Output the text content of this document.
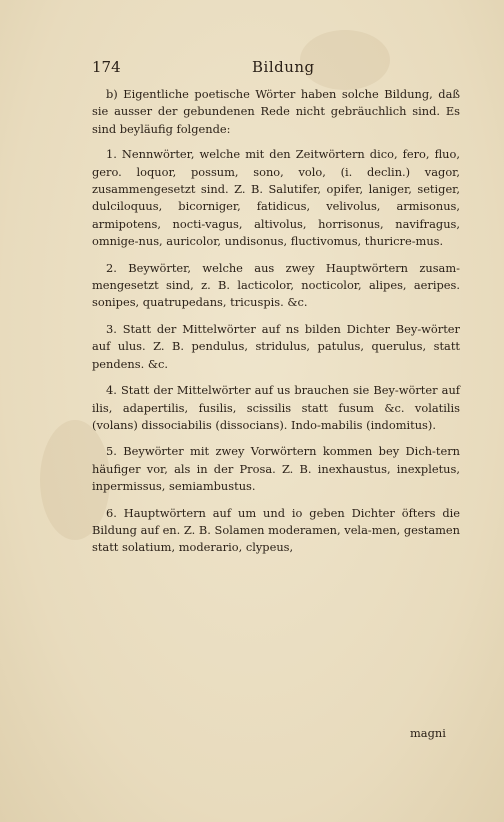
174	Bildung

b) Eigentliche poetische Wörter haben solche Bildung, daß sie ausser der gebundenen Rede nicht gebräuchlich sind. Es sind beyläufig folgende:

1. Nennwörter, welche mit den Zeitwörtern dico, fero, fluo, gero. loquor, possum, sono, volo, (i. declin.) vagor, zusammengesetzt sind. Z. B. Salutifer, opifer, laniger, setiger, dulciloquus, bicorniger, fatidicus, velivolus, armisonus, armipotens, nocti-vagus, altivolus, horrisonus, navifragus, omnige-nus, auricolor, undisonus, fluctivomus, thuricre-mus.

2. Beywörter, welche aus zwey Hauptwörtern zusam-mengesetzt sind, z. B. lacticolor, nocticolor, alipes, aeripes. sonipes, quatrupedans, tricuspis. &c.

3. Statt der Mittelwörter auf ns bilden Dichter Bey-wörter auf ulus. Z. B. pendulus, stridulus, patulus, querulus, statt pendens. &c.

4. Statt der Mittelwörter auf us brauchen sie Bey-wörter auf ilis, adapertilis, fusilis, scissilis statt fusum &c. volatilis (volans) dissociabilis (dissocians). Indo-mabilis (indomitus).

5. Beywörter mit zwey Vorwörtern kommen bey Dich-tern häufiger vor, als in der Prosa. Z. B. inexhaustus, inexpletus, inpermissus, semiambustus.

6. Hauptwörtern auf um und io geben Dichter öfters die Bildung auf en. Z. B. Solamen moderamen, vela-men, gestamen statt solatium, moderario, clypeus,

magni
